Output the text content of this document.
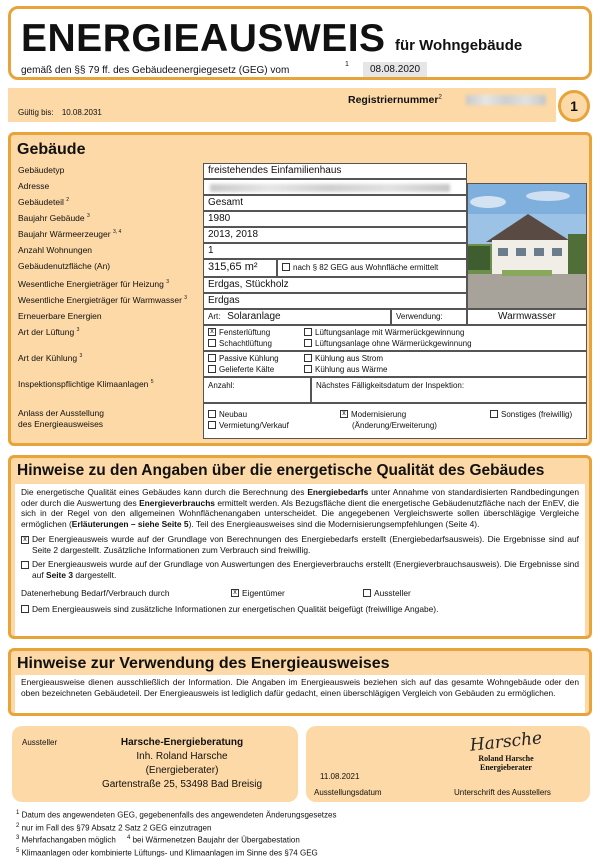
ENERGIEAUSWEIS für Wohngebäude
gemäß den §§ 79 ff. des Gebäudeenergiegesetz (GEG) vom
1	08.08.2020
Registriernummer$^2$
Gültig bis: 10.08.2031	1
Gebäude
Gebäudetyp	freistehendes Einfamilienhaus
Adresse
Gebäudeteil $^2$	Gesamt
Baujahr Gebäude $^3$	1980
Baujahr Wärmeerzeuger $^{3, 4}$	2013, 2018
Anzahl Wohnungen	1
Gebäudenutzfläche (An)	315,65 m²	nach § 82 GEG aus Wohnfläche ermittelt
Wesentliche Energieträger für Heizung $^3$	Erdgas, Stückholz
Wesentliche Energieträger für Warmwasser $^3$	Erdgas
Erneuerbare Energien	Art: Solaranlage	Verwendung:	Warmwasser
Art der Lüftung $^3$	x Fensterlüftung	Lüftungsanlage mit Wärmerückgewinnung
Schachtlüftung	Lüftungsanlage ohne Wärmerückgewinnung
Art der Kühlung $^3$	Passive Kühlung	Kühlung aus Strom
Gelieferte Kälte	Kühlung aus Wärme
Inspektionspflichtige Klimaanlagen $^5$	Anzahl:	Nächstes Fälligkeitsdatum der Inspektion:
Anlass der Ausstellung
des Energieausweises
Neubau
Vermietung/Verkauf
x Modernisierung
(Änderung/Erweiterung)
Sonstiges (freiwillig)
Hinweise zu den Angaben über die energetische Qualität des Gebäudes
Die energetische Qualität eines Gebäudes kann durch die Berechnung des Energiebedarfs unter Annahme von standardisierten Randbedingungen oder durch die Auswertung des Energieverbrauchs ermittelt werden. Als Bezugsfläche dient die energetische Gebäudenutzfläche nach der EnEV, die sich in der Regel von den allgemeinen Wohnflächenangaben unterscheidet. Die angegebenen Vergleichswerte sollen überschlägige Vergleiche ermöglichen (Erläuterungen – siehe Seite 5). Teil des Energieausweises sind die Modernisierungsempfehlungen (Seite 4).
x Der Energieausweis wurde auf der Grundlage von Berechnungen des Energiebedarfs erstellt (Energiebedarfsausweis). Die Ergebnisse sind auf Seite 2 dargestellt. Zusätzliche Informationen zum Verbrauch sind freiwillig.
Der Energieausweis wurde auf der Grundlage von Auswertungen des Energieverbrauchs erstellt (Energieverbrauchsausweis). Die Ergebnisse sind auf Seite 3 dargestellt.
Datenerhebung Bedarf/Verbrauch durch	x Eigentümer	Aussteller
Dem Energieausweis sind zusätzliche Informationen zur energetischen Qualität beigefügt (freiwillige Angabe).
Hinweise zur Verwendung des Energieausweises
Energieausweise dienen ausschließlich der Information. Die Angaben im Energieausweis beziehen sich auf das gesamte Wohngebäude oder den oben bezeichneten Gebäudeteil. Der Energieausweis ist lediglich dafür gedacht, einen überschlägigen Vergleich von Gebäuden zu ermöglichen.
Aussteller	Harsche-Energieberatung
Inh. Roland Harsche
(Energieberater)
Gartenstraße 25, 53498 Bad Breisig
11.08.2021
Ausstellungsdatum
Harsche
Roland Harsche
Energieberater
Unterschrift des Ausstellers
$^1$ Datum des angewendeten GEG, gegebenenfalls des angewendeten Änderungsgesetzes
$^2$ nur im Fall des §79 Absatz 2 Satz 2 GEG einzutragen
$^3$ Mehrfachangaben möglich $^4$ bei Wärmenetzen Baujahr der Übergabestation
$^5$ Klimaanlagen oder kombinierte Lüftungs- und Klimaanlagen im Sinne des §74 GEG
